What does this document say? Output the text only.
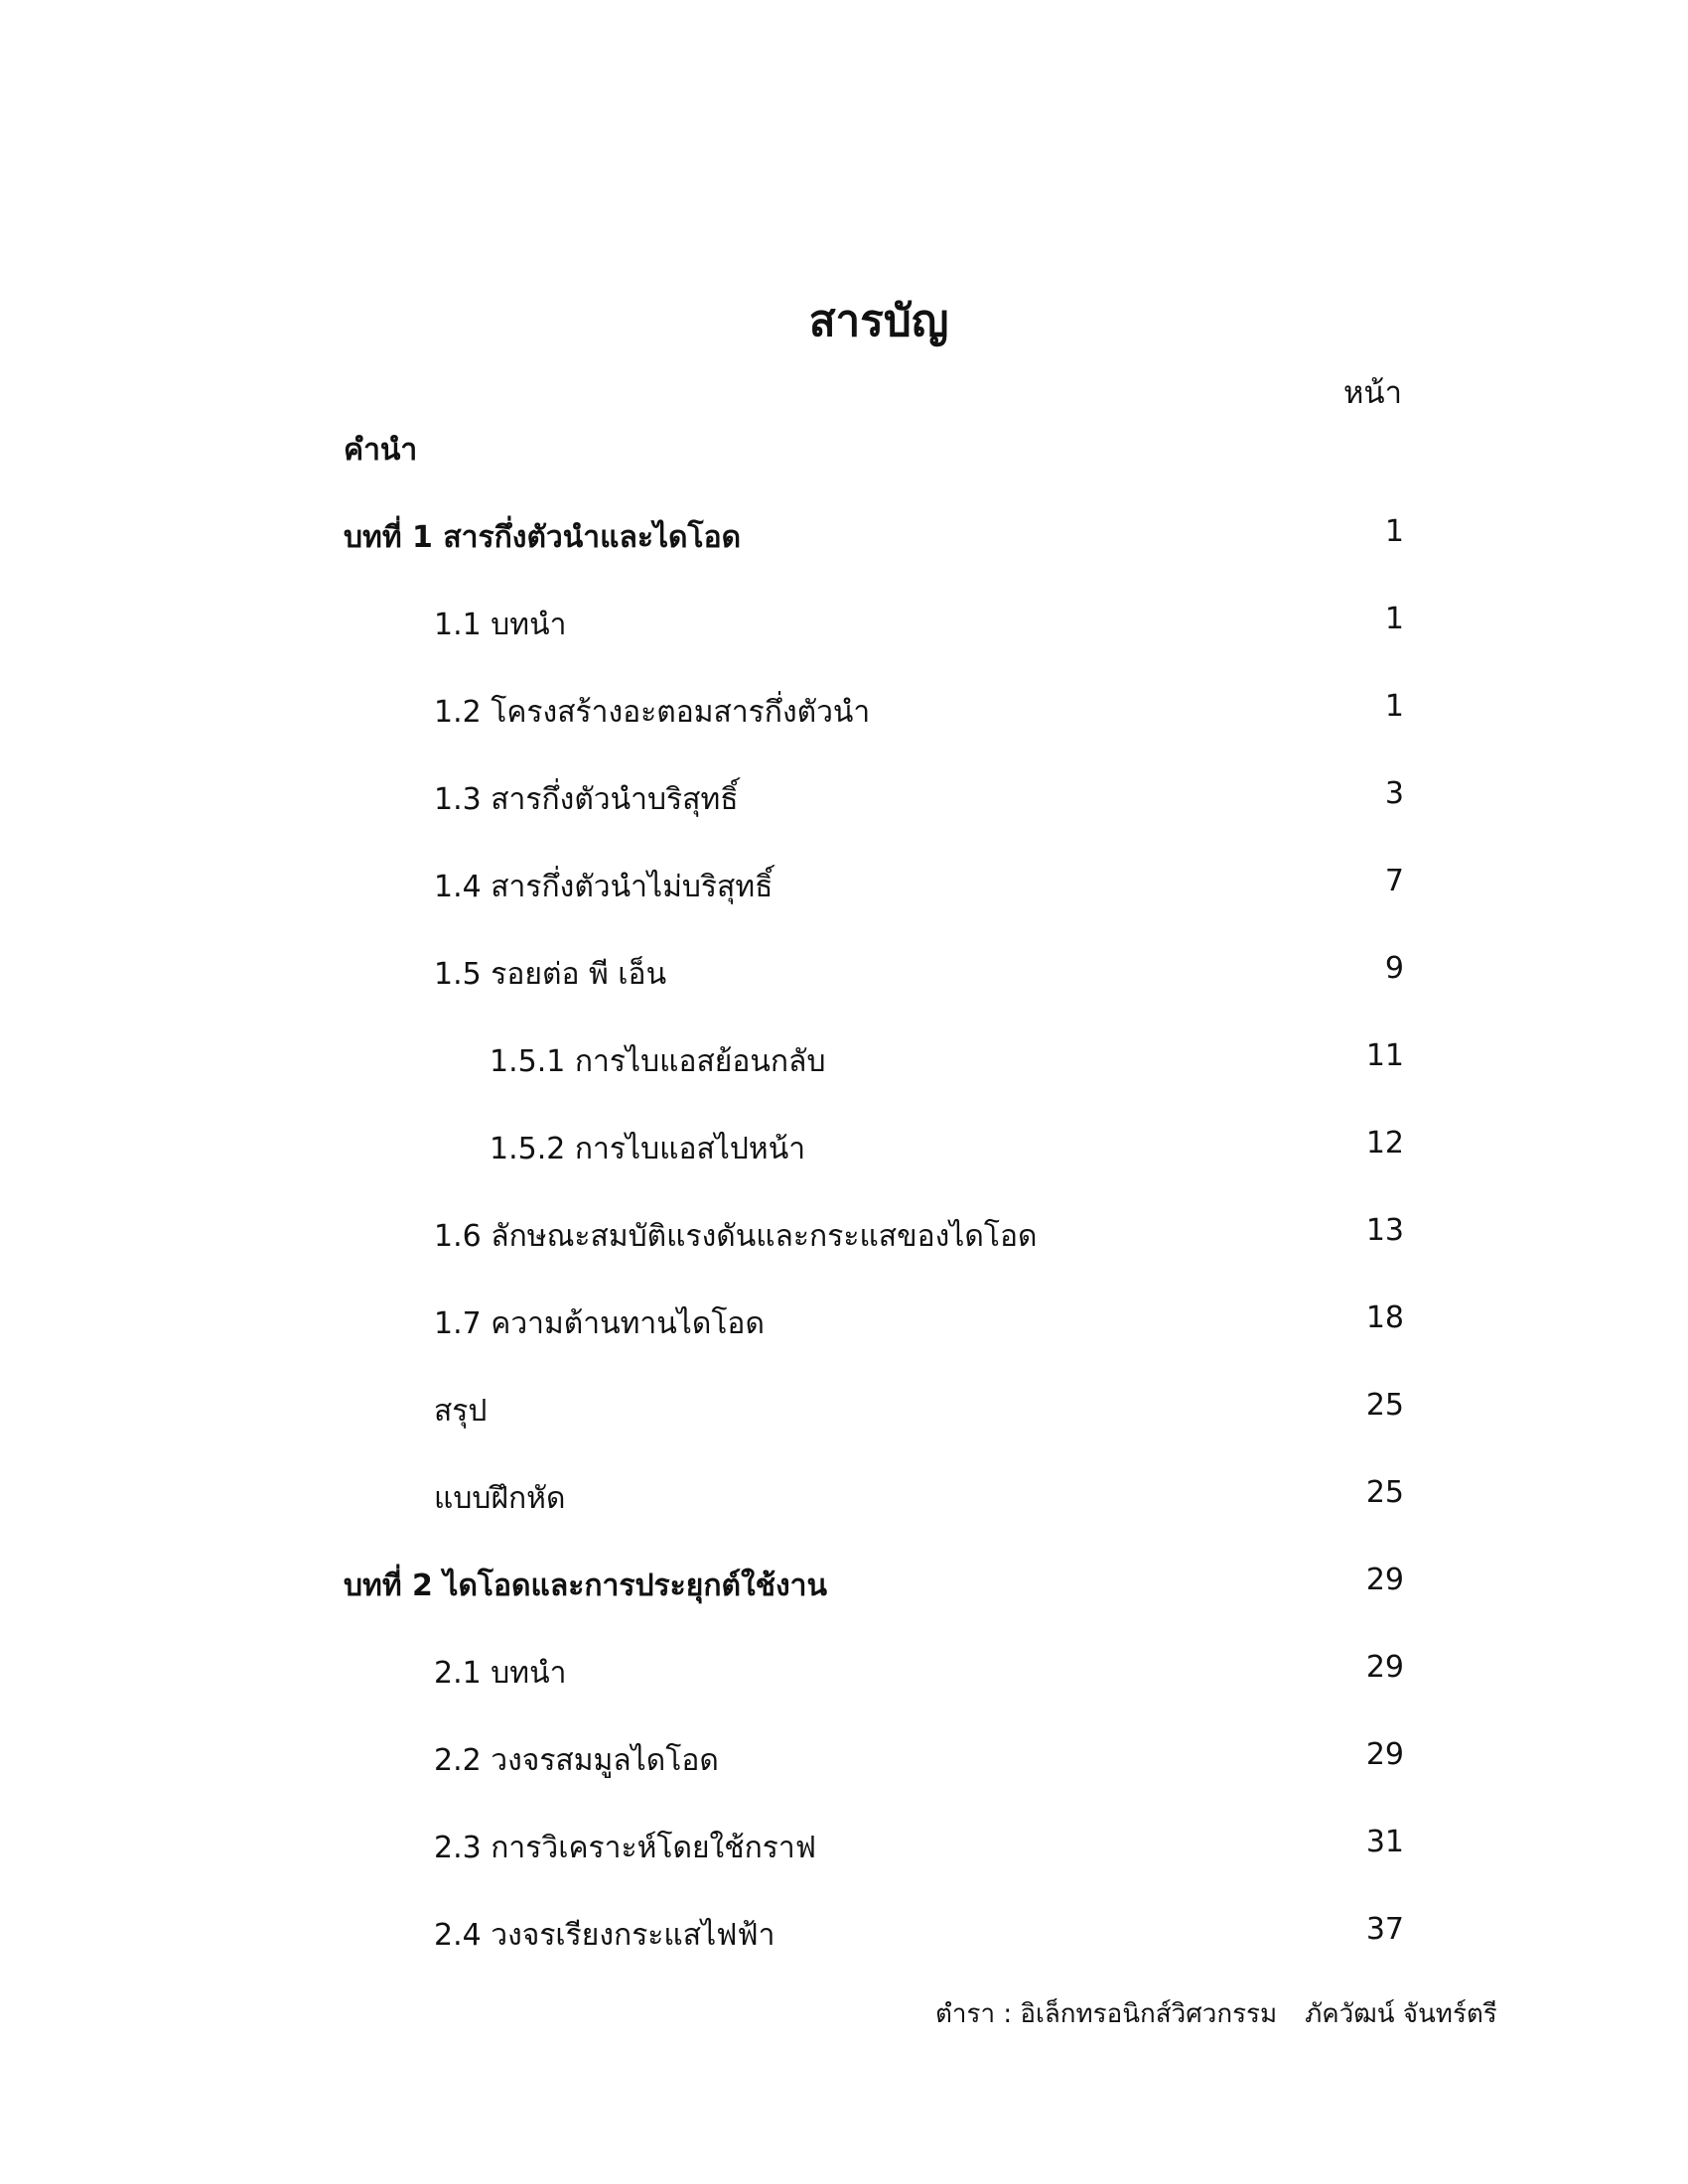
สารบัญ
หน้า
คำนำ
บทที่ 1 สารกึ่งตัวนำและไดโอด	1
1.1 บทนำ	1
1.2 โครงสร้างอะตอมสารกึ่งตัวนำ	1
1.3 สารกึ่งตัวนำบริสุทธิ์	3
1.4 สารกึ่งตัวนำไม่บริสุทธิ์	7
1.5 รอยต่อ พี เอ็น	9
1.5.1 การไบแอสย้อนกลับ	11
1.5.2 การไบแอสไปหน้า	12
1.6 ลักษณะสมบัติแรงดันและกระแสของไดโอด	13
1.7 ความต้านทานไดโอด	18
สรุป	25
แบบฝึกหัด	25
บทที่ 2 ไดโอดและการประยุกต์ใช้งาน	29
2.1 บทนำ	29
2.2 วงจรสมมูลไดโอด	29
2.3 การวิเคราะห์โดยใช้กราฟ	31
2.4 วงจรเรียงกระแสไฟฟ้า	37
ตำรา : อิเล็กทรอนิกส์วิศวกรรม ภัควัฒน์ จันทร์ตรี
